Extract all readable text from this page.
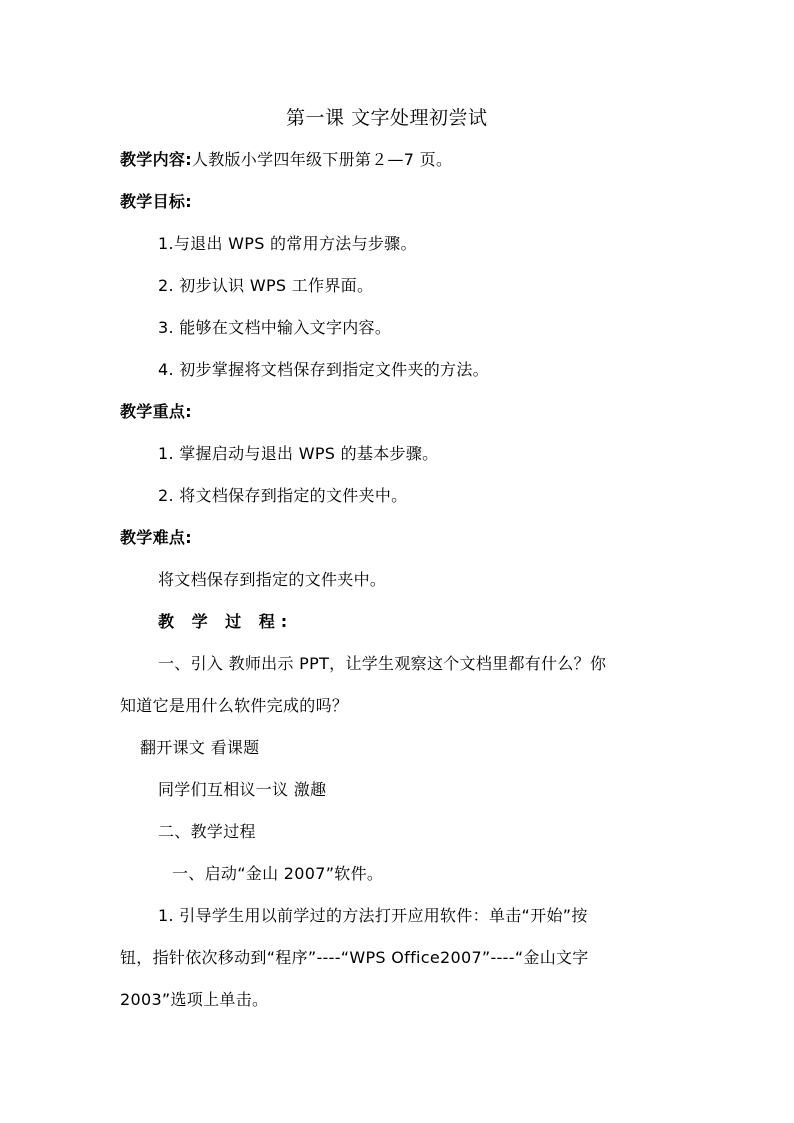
第一课 文字处理初尝试
教学内容:人教版小学四年级下册第２—7 页。
教学目标:
1.与退出 WPS 的常用方法与步骤。
2. 初步认识 WPS 工作界面。
3. 能够在文档中输入文字内容。
4. 初步掌握将文档保存到指定文件夹的方法。
教学重点:
1. 掌握启动与退出 WPS 的基本步骤。
2. 将文档保存到指定的文件夹中。
教学难点:
将文档保存到指定的文件夹中。
教 学 过 程:
一、引入 教师出示 PPT，让学生观察这个文档里都有什么？你
知道它是用什么软件完成的吗？
翻开课文 看课题
同学们互相议一议 激趣
二、教学过程
一、启动“金山 2007”软件。
1. 引导学生用以前学过的方法打开应用软件：单击“开始”按
钮，指针依次移动到“程序”----“WPS Office2007”----“金山文字
2003”选项上单击。
